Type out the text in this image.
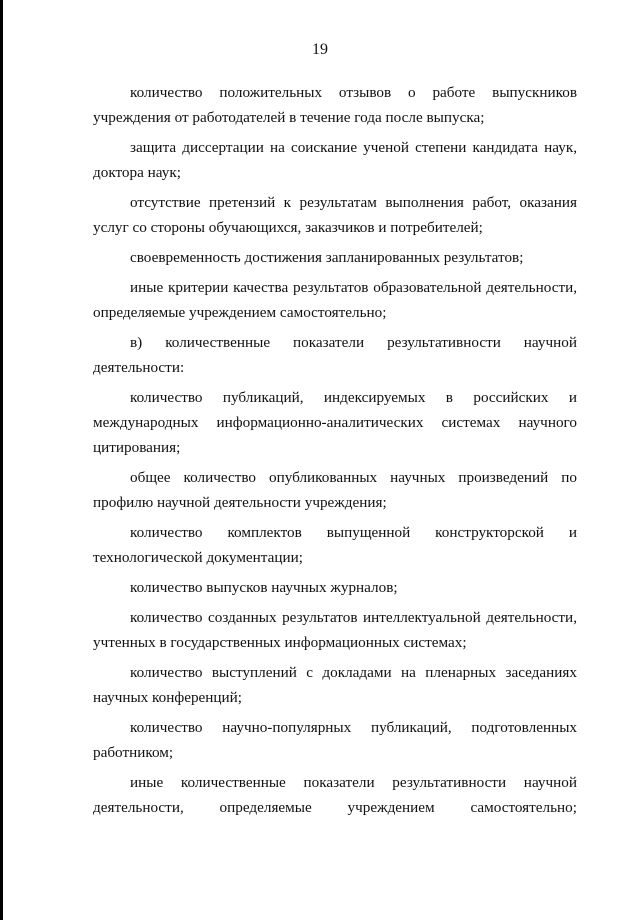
19

количество положительных отзывов о работе выпускников учреждения от работодателей в течение года после выпуска;

защита диссертации на соискание ученой степени кандидата наук, доктора наук;

отсутствие претензий к результатам выполнения работ, оказания услуг со стороны обучающихся, заказчиков и потребителей;

своевременность достижения запланированных результатов;

иные критерии качества результатов образовательной деятельности, определяемые учреждением самостоятельно;

в) количественные показатели результативности научной деятельности:

количество публикаций, индексируемых в российских и международных информационно-аналитических системах научного цитирования;

общее количество опубликованных научных произведений по профилю научной деятельности учреждения;

количество комплектов выпущенной конструкторской и технологической документации;

количество выпусков научных журналов;

количество созданных результатов интеллектуальной деятельности, учтенных в государственных информационных системах;

количество выступлений с докладами на пленарных заседаниях научных конференций;

количество научно-популярных публикаций, подготовленных работником;

иные количественные показатели результативности научной деятельности, определяемые учреждением самостоятельно;
